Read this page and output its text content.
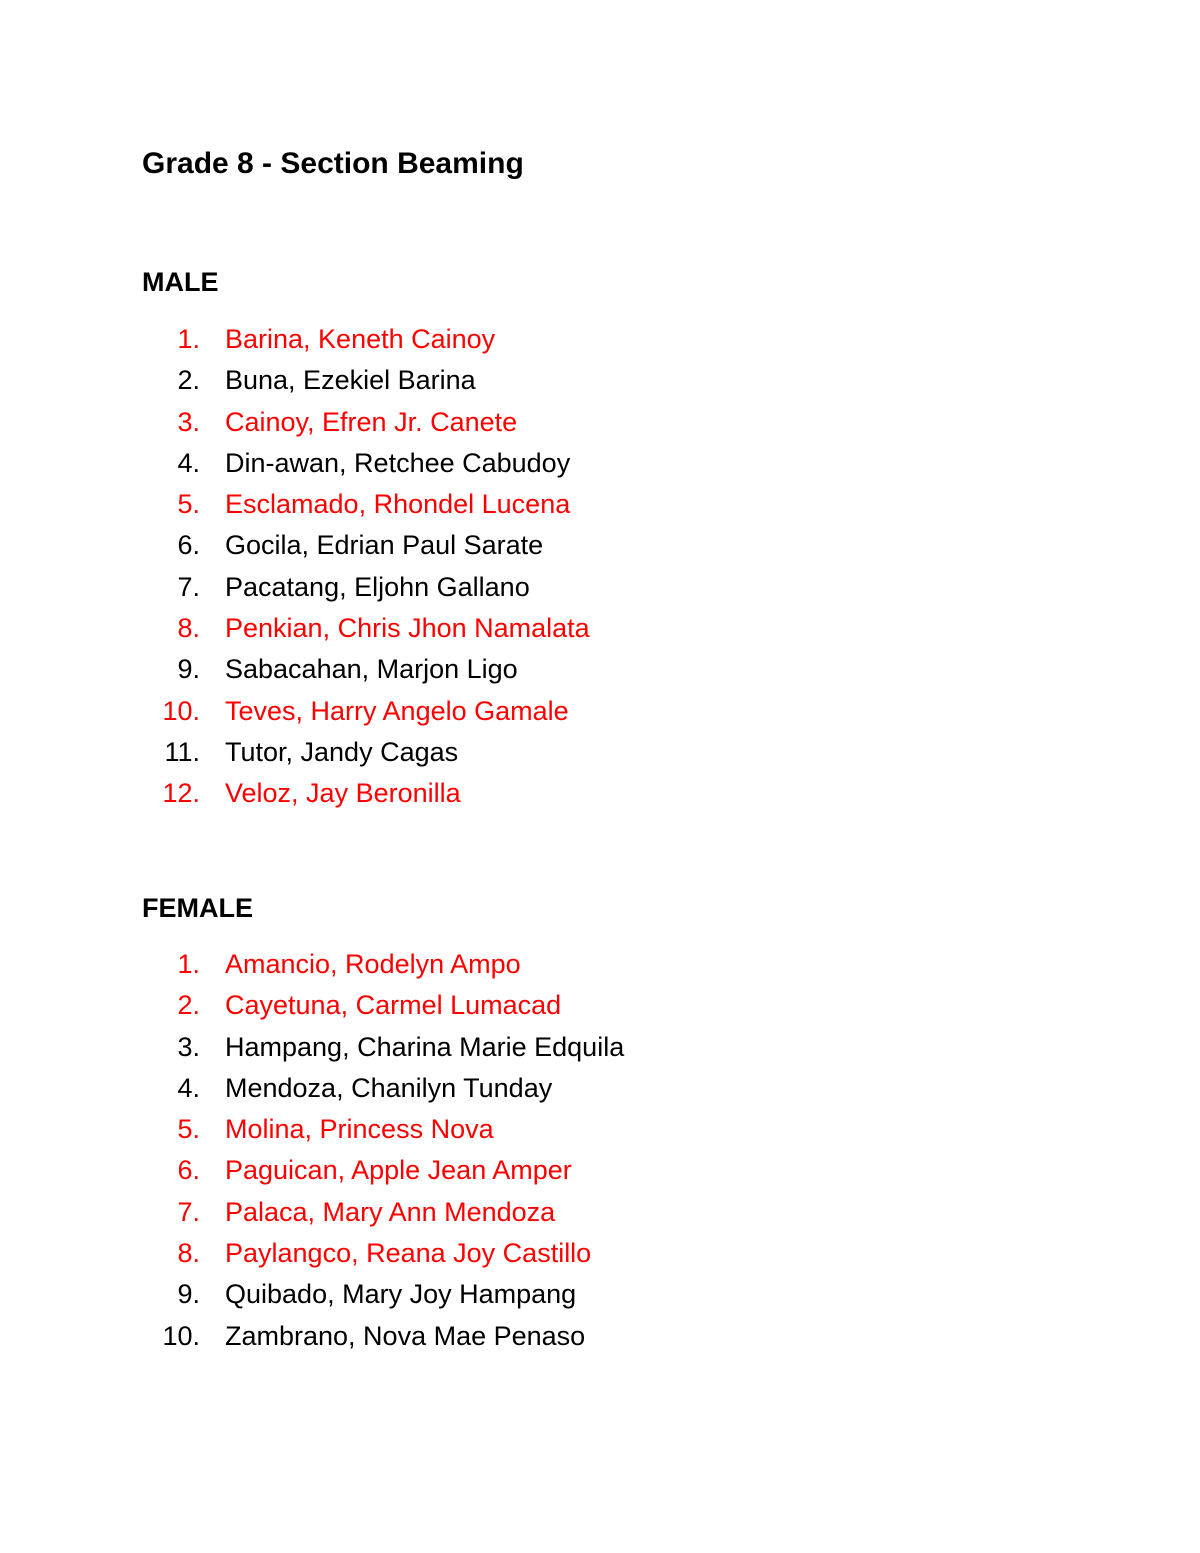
Grade 8 - Section Beaming
MALE
1. Barina, Keneth Cainoy
2. Buna, Ezekiel Barina
3. Cainoy, Efren Jr. Canete
4. Din-awan, Retchee Cabudoy
5. Esclamado, Rhondel Lucena
6. Gocila, Edrian Paul Sarate
7. Pacatang, Eljohn Gallano
8. Penkian, Chris Jhon Namalata
9. Sabacahan, Marjon Ligo
10. Teves, Harry Angelo Gamale
11. Tutor, Jandy Cagas
12. Veloz, Jay Beronilla
FEMALE
1. Amancio, Rodelyn Ampo
2. Cayetuna, Carmel Lumacad
3. Hampang, Charina Marie Edquila
4. Mendoza, Chanilyn Tunday
5. Molina, Princess Nova
6. Paguican, Apple Jean Amper
7. Palaca, Mary Ann Mendoza
8. Paylangco, Reana Joy Castillo
9. Quibado, Mary Joy Hampang
10. Zambrano, Nova Mae Penaso
